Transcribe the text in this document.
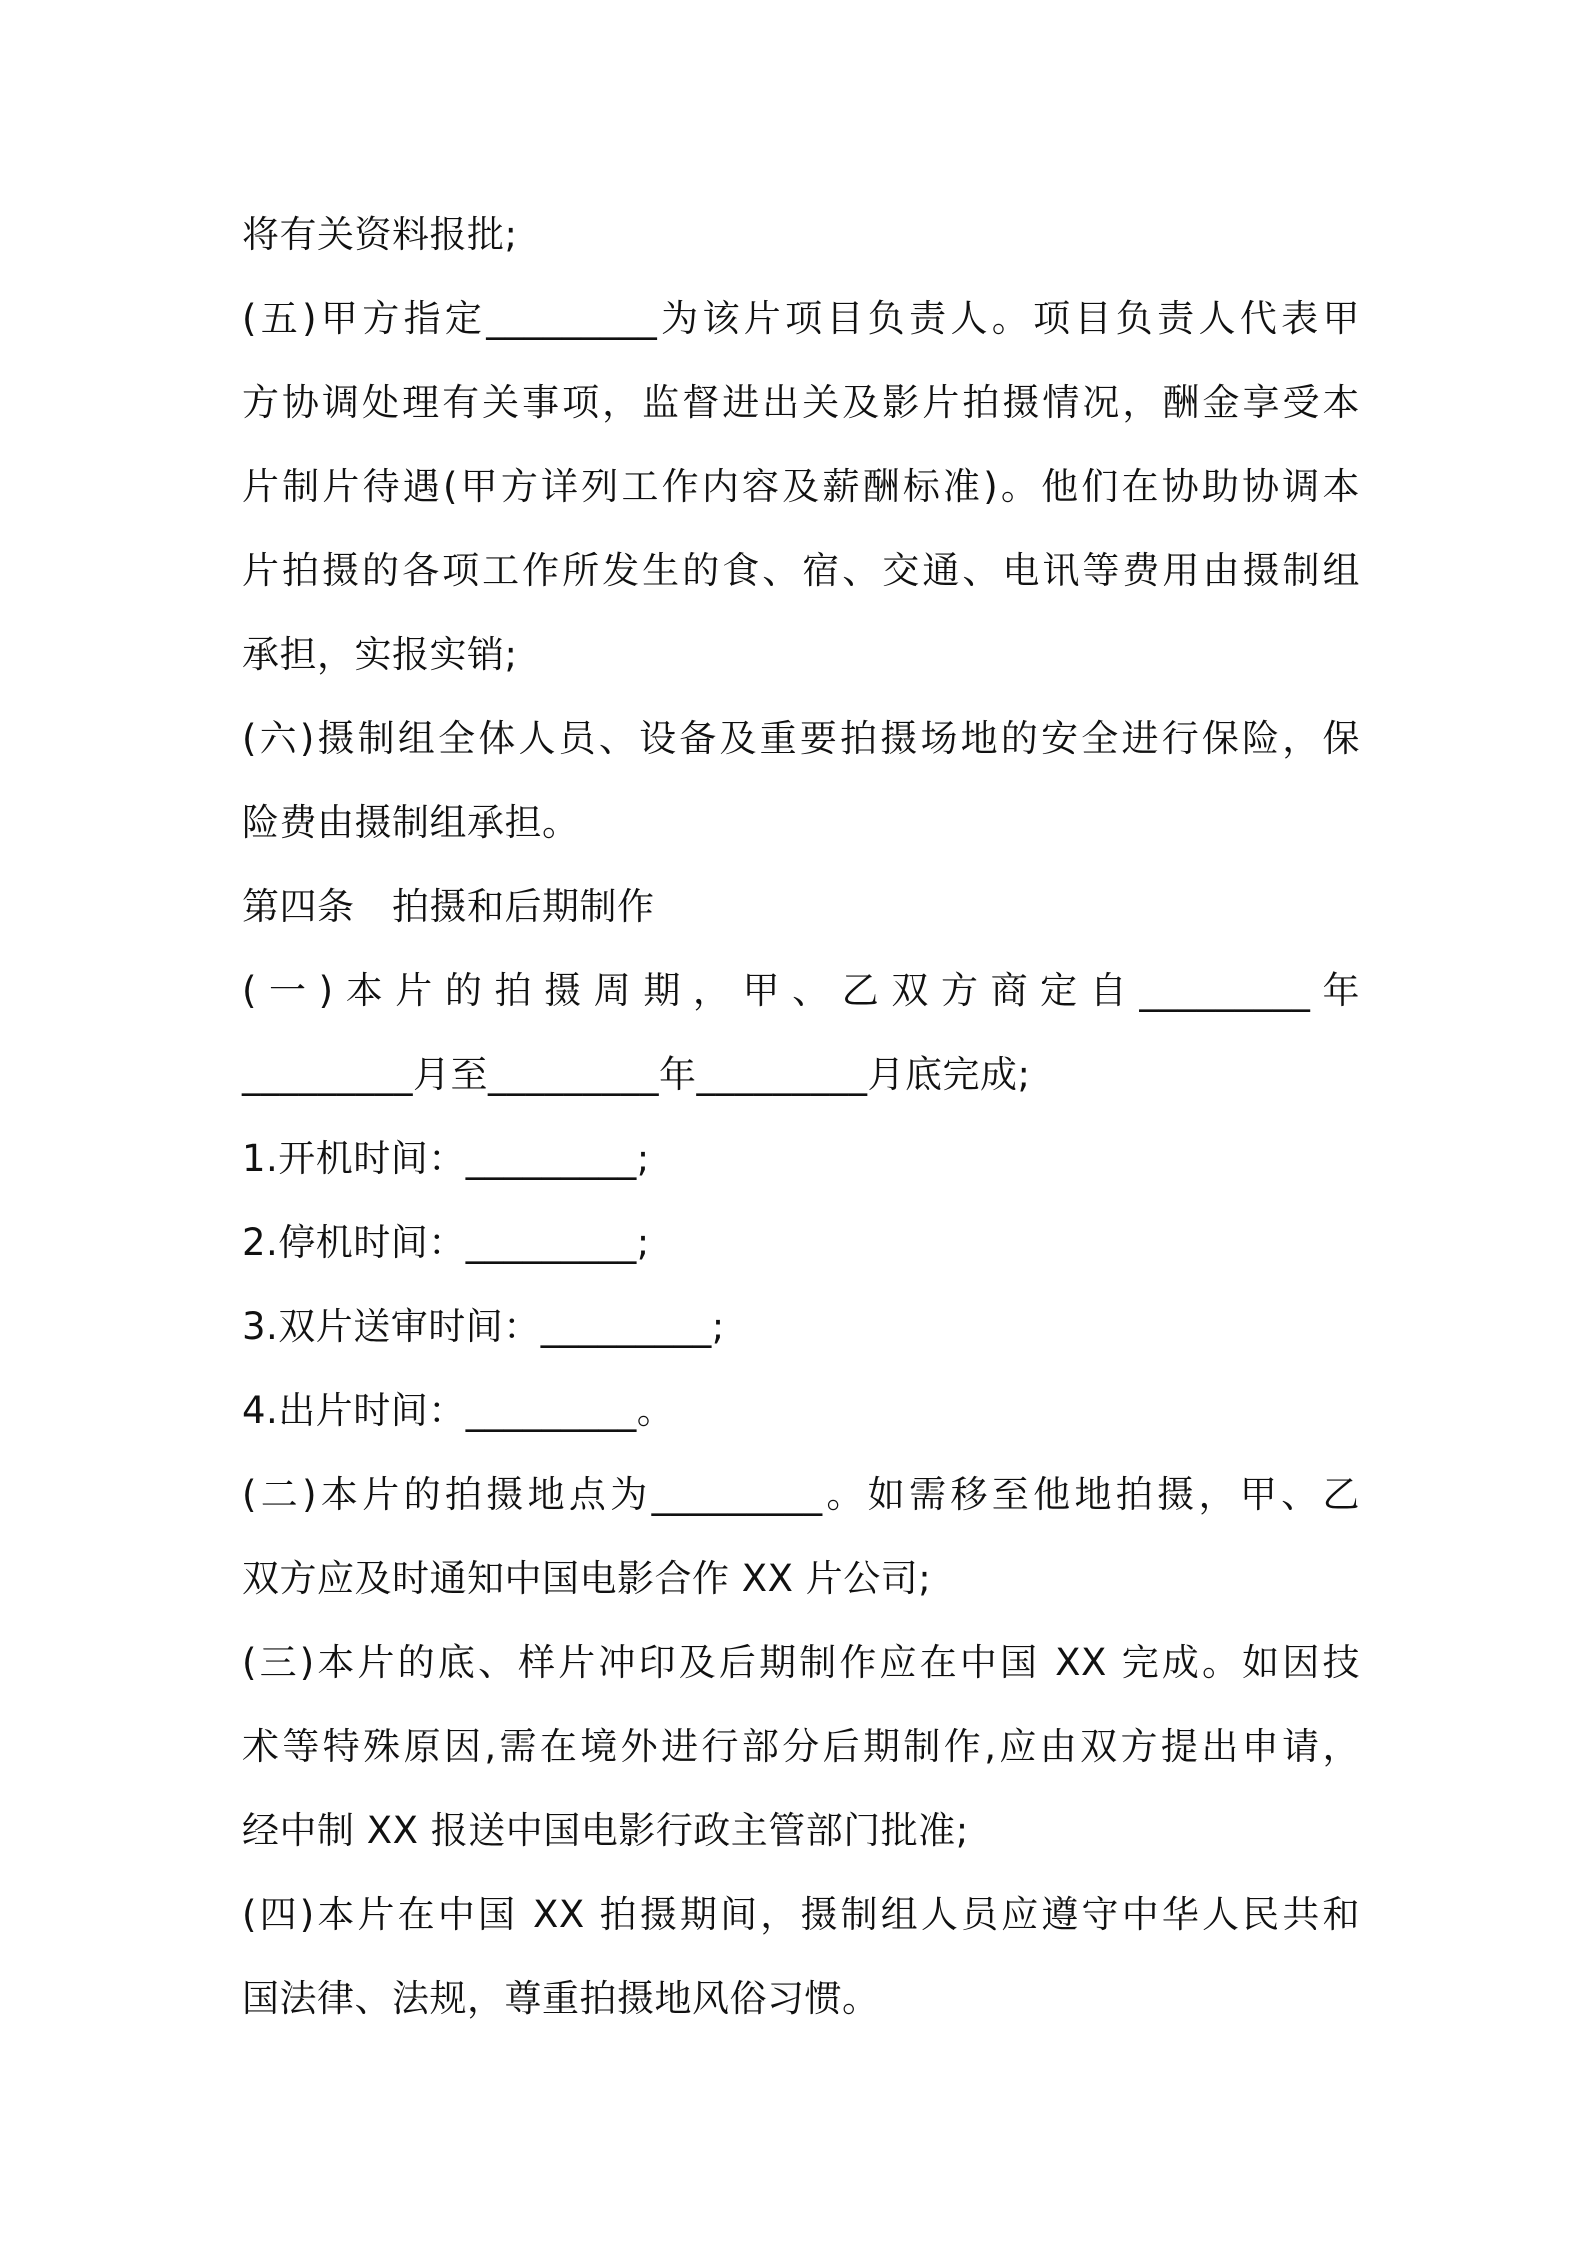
将有关资料报批;
(五)甲方指定_________为该片项目负责人。项目负责人代表甲
方协调处理有关事项，监督进出关及影片拍摄情况，酬金享受本
片制片待遇(甲方详列工作内容及薪酬标准)。他们在协助协调本
片拍摄的各项工作所发生的食、宿、交通、电讯等费用由摄制组
承担，实报实销;
(六)摄制组全体人员、设备及重要拍摄场地的安全进行保险，保
险费由摄制组承担。
第四条　拍摄和后期制作
(一)本片的拍摄周期，甲、乙双方商定自_________年
_________月至_________年_________月底完成;
1.开机时间：_________;
2.停机时间：_________;
3.双片送审时间：_________;
4.出片时间：_________。
(二)本片的拍摄地点为_________。如需移至他地拍摄，甲、乙
双方应及时通知中国电影合作 XX 片公司;
(三)本片的底、样片冲印及后期制作应在中国 XX 完成。如因技
术等特殊原因,需在境外进行部分后期制作,应由双方提出申请，
经中制 XX 报送中国电影行政主管部门批准;
(四)本片在中国 XX 拍摄期间，摄制组人员应遵守中华人民共和
国法律、法规，尊重拍摄地风俗习惯。
